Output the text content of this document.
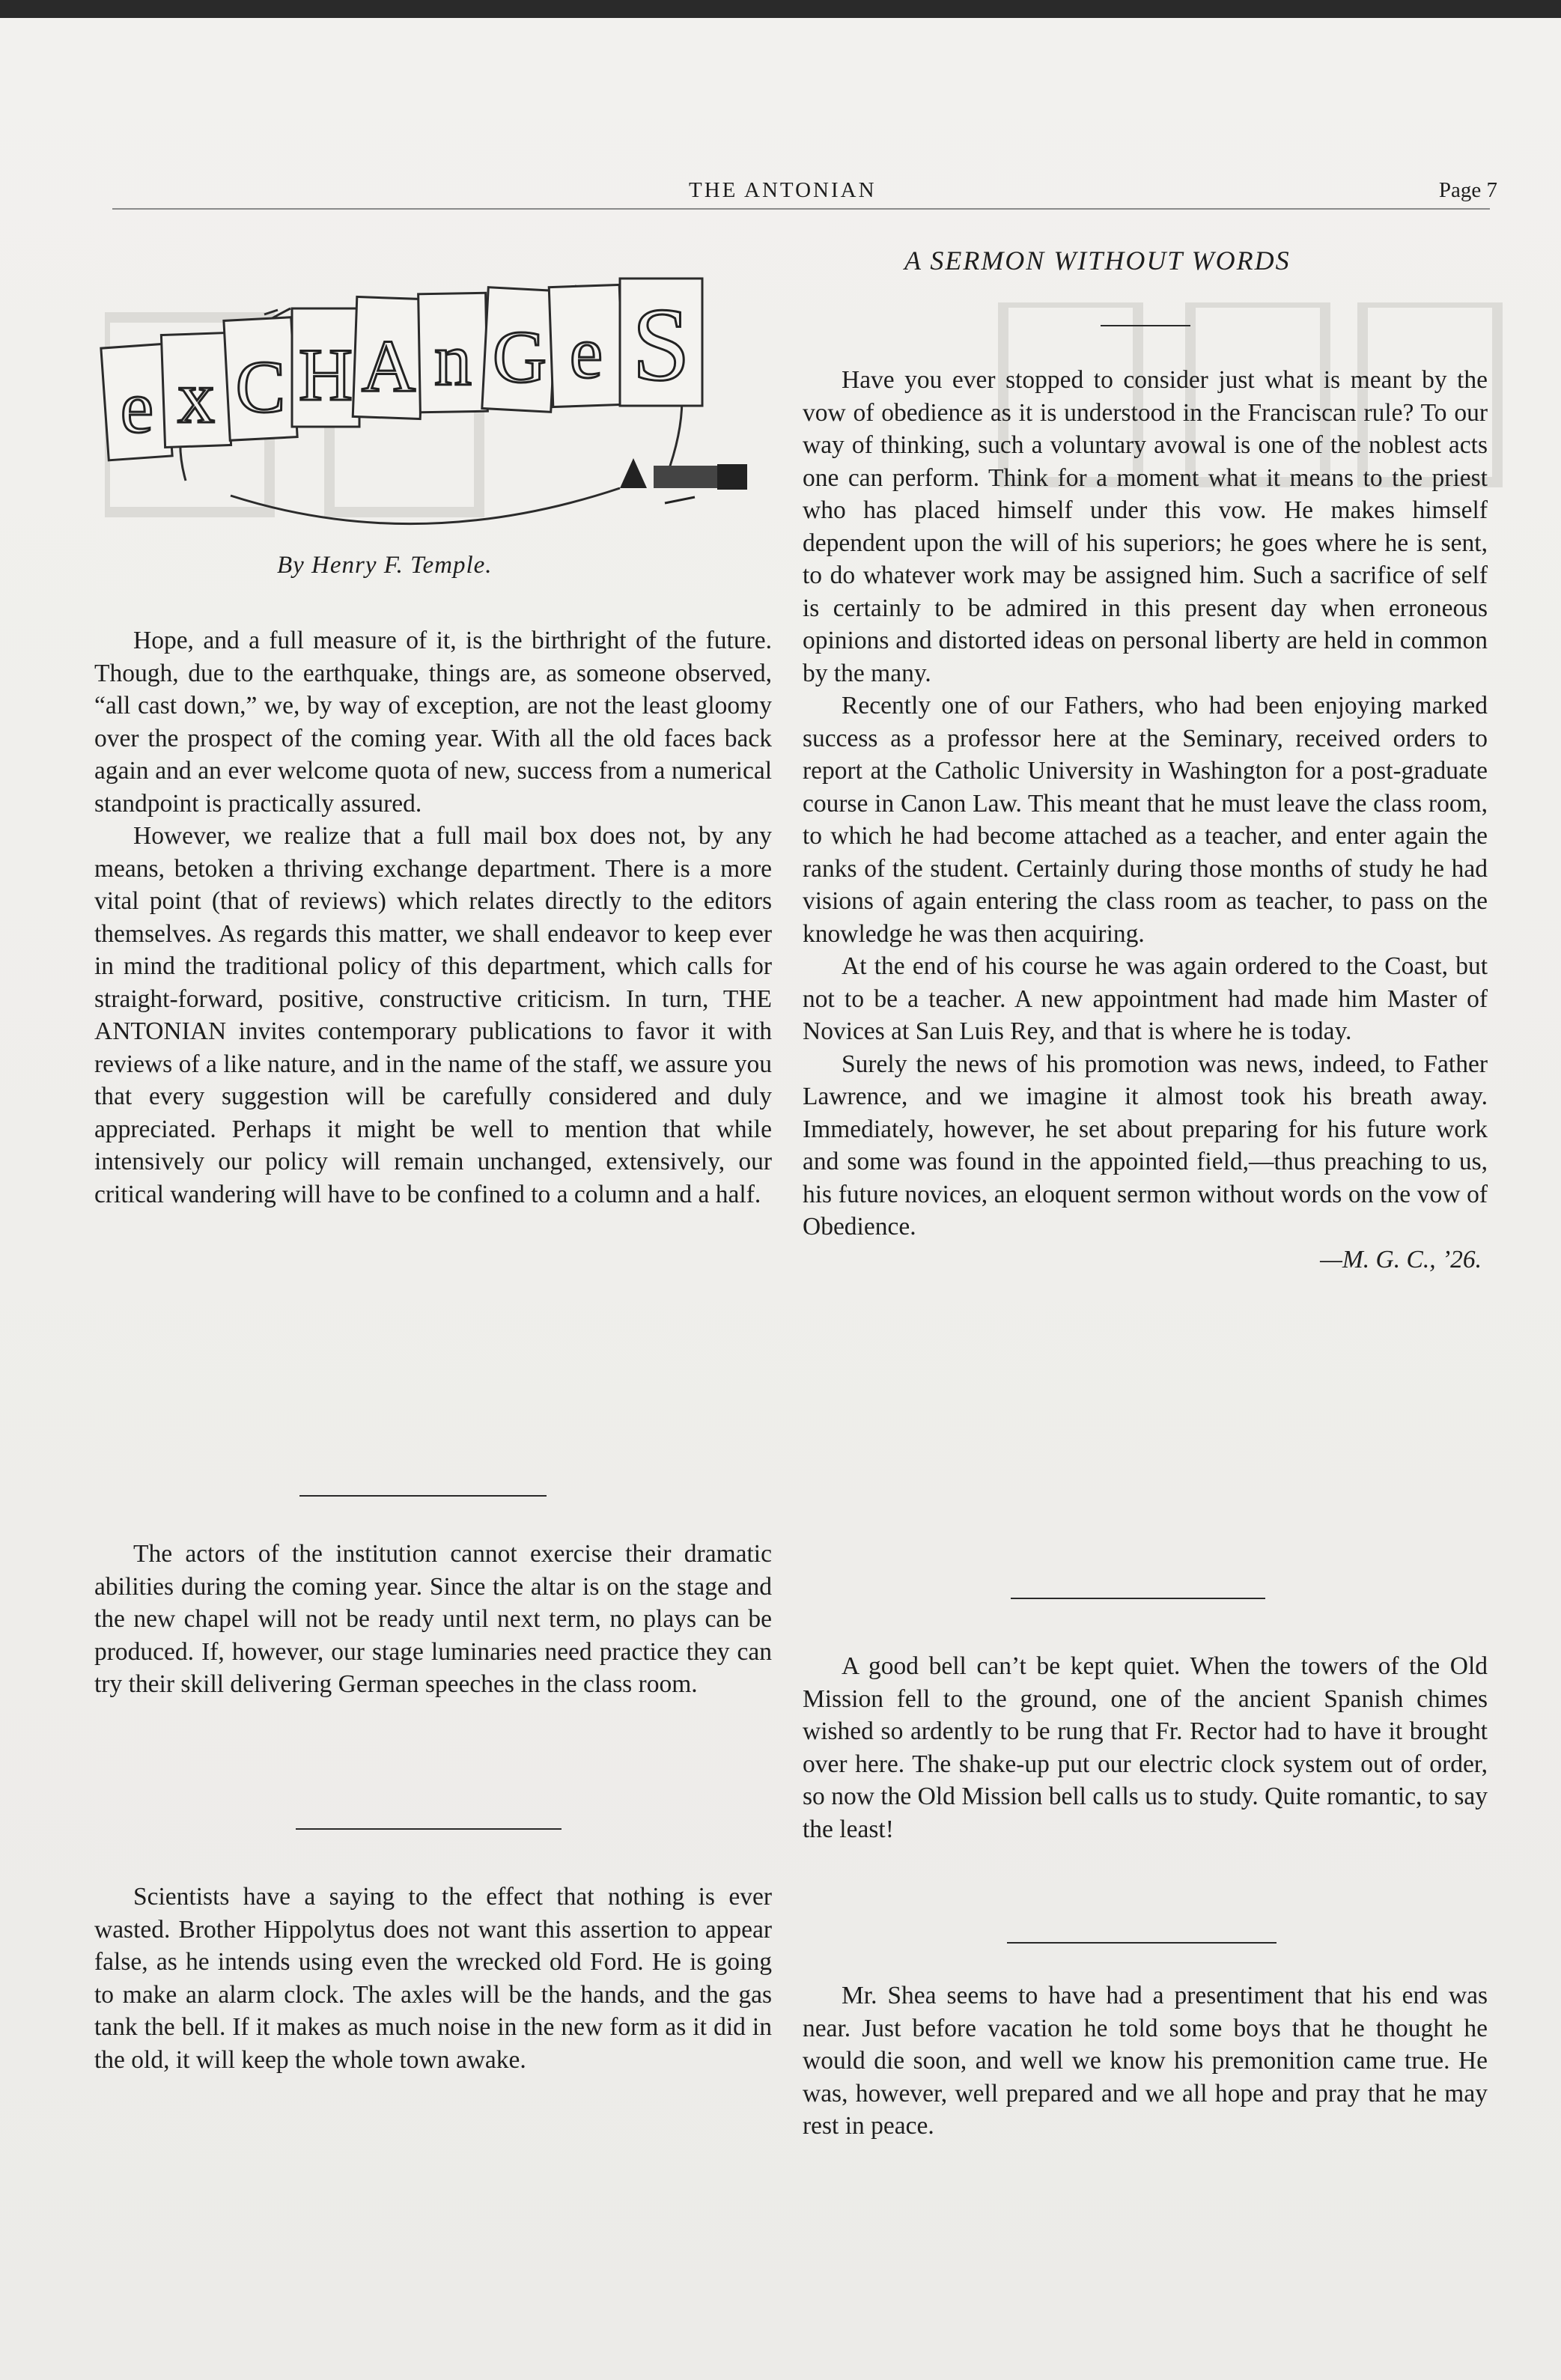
THE ANTONIAN	Page 7
e x C H A n G e S
By Henry F. Temple.

Hope, and a full measure of it, is the birthright of the future. Though, due to the earthquake, things are, as someone observed, “all cast down,” we, by way of exception, are not the least gloomy over the prospect of the coming year. With all the old faces back again and an ever welcome quota of new, success from a numerical standpoint is practically assured.

However, we realize that a full mail box does not, by any means, betoken a thriving exchange department. There is a more vital point (that of reviews) which relates directly to the editors themselves. As regards this matter, we shall endeavor to keep ever in mind the traditional policy of this department, which calls for straight-forward, positive, constructive criticism. In turn, THE ANTONIAN invites contemporary publications to favor it with reviews of a like nature, and in the name of the staff, we assure you that every suggestion will be carefully considered and duly appreciated. Perhaps it might be well to mention that while intensively our policy will remain unchanged, extensively, our critical wandering will have to be confined to a column and a half.

The actors of the institution cannot exercise their dramatic abilities during the coming year. Since the altar is on the stage and the new chapel will not be ready until next term, no plays can be produced. If, however, our stage luminaries need practice they can try their skill delivering German speeches in the class room.

Scientists have a saying to the effect that nothing is ever wasted. Brother Hippolytus does not want this assertion to appear false, as he intends using even the wrecked old Ford. He is going to make an alarm clock. The axles will be the hands, and the gas tank the bell. If it makes as much noise in the new form as it did in the old, it will keep the whole town awake.

A SERMON WITHOUT WORDS

Have you ever stopped to consider just what is meant by the vow of obedience as it is understood in the Franciscan rule? To our way of thinking, such a voluntary avowal is one of the noblest acts one can perform. Think for a moment what it means to the priest who has placed himself under this vow. He makes himself dependent upon the will of his superiors; he goes where he is sent, to do whatever work may be assigned him. Such a sacrifice of self is certainly to be admired in this present day when erroneous opinions and distorted ideas on personal liberty are held in common by the many.

Recently one of our Fathers, who had been enjoying marked success as a professor here at the Seminary, received orders to report at the Catholic University in Washington for a post-graduate course in Canon Law. This meant that he must leave the class room, to which he had become attached as a teacher, and enter again the ranks of the student. Certainly during those months of study he had visions of again entering the class room as teacher, to pass on the knowledge he was then acquiring.

At the end of his course he was again ordered to the Coast, but not to be a teacher. A new appointment had made him Master of Novices at San Luis Rey, and that is where he is today.

Surely the news of his promotion was news, indeed, to Father Lawrence, and we imagine it almost took his breath away. Immediately, however, he set about preparing for his future work and some was found in the appointed field,—thus preaching to us, his future novices, an eloquent sermon without words on the vow of Obedience.

—M. G. C., ’26.

A good bell can’t be kept quiet. When the towers of the Old Mission fell to the ground, one of the ancient Spanish chimes wished so ardently to be rung that Fr. Rector had to have it brought over here. The shake-up put our electric clock system out of order, so now the Old Mission bell calls us to study. Quite romantic, to say the least!

Mr. Shea seems to have had a presentiment that his end was near. Just before vacation he told some boys that he thought he would die soon, and well we know his premonition came true. He was, however, well prepared and we all hope and pray that he may rest in peace.
